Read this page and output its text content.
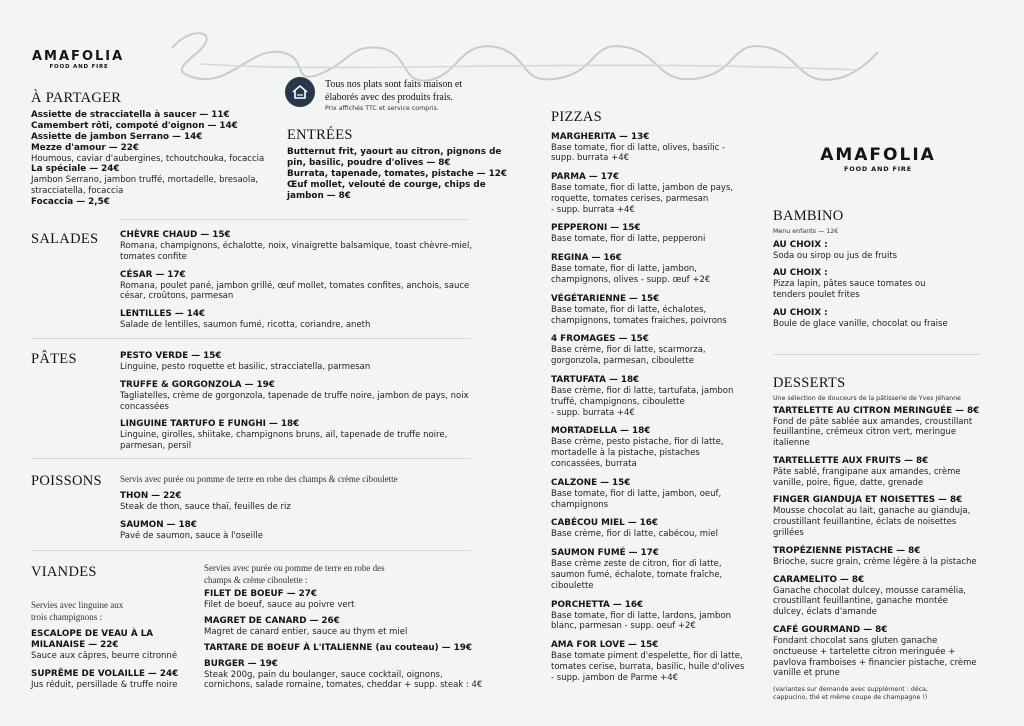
AMAFOLIA
FOOD AND FIRE
Tous nos plats sont faits maison et
élaborés avec des produits frais.
Prix affichés TTC et service compris.
À PARTAGER
Assiette de stracciatella à saucer — 11€
Camembert rôti, compoté d'oignon — 14€
Assiette de jambon Serrano — 14€
Mezze d'amour — 22€
Houmous, caviar d'aubergines, tchoutchouka, focaccia
La spéciale — 24€
Jambon Serrano, jambon truffé, mortadelle, bresaola,
stracciatella, focaccia
Focaccia — 2,5€
ENTRÉES
Butternut frit, yaourt au citron, pignons de
pin, basilic, poudre d'olives — 8€
Burrata, tapenade, tomates, pistache — 12€
Œuf mollet, velouté de courge, chips de
jambon — 8€
SALADES CHÈVRE CHAUD — 15€
Romana, champignons, échalotte, noix, vinaigrette balsamique, toast chèvre-miel,
tomates confite
CÉSAR — 17€
Romana, poulet pané, jambon grillé, œuf mollet, tomates confites, anchois, sauce
césar, croûtons, parmesan
LENTILLES — 14€
Salade de lentilles, saumon fumé, ricotta, coriandre, aneth
PÂTES	PESTO VERDE — 15€
Linguine, pesto roquette et basilic, stracciatella, parmesan
TRUFFE & GORGONZOLA — 19€
Tagliatelles, crème de gorgonzola, tapenade de truffe noire, jambon de pays, noix
concassées
LINGUINE TARTUFO E FUNGHI — 18€
Linguine, girolles, shiitake, champignons bruns, ail, tapenade de truffe noire,
parmesan, persil
POISSONS Servis avec purée ou pomme de terre en robe des champs & crème ciboulette
THON — 22€
Steak de thon, sauce thaï, feuilles de riz
SAUMON — 18€
Pavé de saumon, sauce à l'oseille
VIANDES
Servies avec linguine aux
trois champignons :
ESCALOPE DE VEAU À LA
MILANAISE — 22€
Sauce aux câpres, beurre citronné
SUPRÊME DE VOLAILLE — 24€
Jus réduit, persillade & truffe noire
Servies avec purée ou pomme de terre en robe des
champs & crème ciboulette :
FILET DE BOEUF — 27€
Filet de boeuf, sauce au poivre vert
MAGRET DE CANARD — 26€
Magret de canard entier, sauce au thym et miel
TARTARE DE BOEUF À L'ITALIENNE (au couteau) — 19€
BURGER — 19€
Steak 200g, pain du boulanger, sauce cocktail, oignons,
cornichons, salade romaine, tomates, cheddar + supp. steak : 4€
PIZZAS
MARGHERITA — 13€
Base tomate, fior di latte, olives, basilic -
supp. burrata +4€
PARMA — 17€
Base tomate, fior di latte, jambon de pays,
roquette, tomates cerises, parmesan
- supp. burrata +4€
PEPPERONI — 15€
Base tomate, fior di latte, pepperoni
REGINA — 16€
Base tomate, fior di latte, jambon,
champignons, olives - supp. œuf +2€
VÉGÉTARIENNE — 15€
Base tomate, fior di latte, échalotes,
champignons, tomates fraiches, poivrons
4 FROMAGES — 15€
Base crème, fior di latte, scarmorza,
gorgonzola, parmesan, ciboulette
TARTUFATA — 18€
Base crème, fior di latte, tartufata, jambon
truffé, champignons, ciboulette
- supp. burrata +4€
MORTADELLA — 18€
Base crème, pesto pistache, fior di latte,
mortadelle à la pistache, pistaches
concassées, burrata
CALZONE — 15€
Base tomate, fior di latte, jambon, oeuf,
champignons
CABÉCOU MIEL — 16€
Base crème, fior di latte, cabécou, miel
SAUMON FUMÉ — 17€
Base crème zeste de citron, fior di latte,
saumon fumé, échalote, tomate fraîche,
ciboulette
PORCHETTA — 16€
Base tomate, fior di latte, lardons, jambon
blanc, parmesan - supp. oeuf +2€
AMA FOR LOVE — 15€
Base tomate piment d'espelette, fior di latte,
tomates cerise, burrata, basilic, huile d'olives
- supp. jambon de Parme +4€
AMAFOLIA
FOOD AND FIRE
BAMBINO
Menu enfants — 12€
AU CHOIX :
Soda ou sirop ou jus de fruits
AU CHOIX :
Pizza lapin, pâtes sauce tomates ou
tenders poulet frites
AU CHOIX :
Boule de glace vanille, chocolat ou fraise
DESSERTS
Une sélection de douceurs de la pâtisserie de Yves Jéhanne
TARTELETTE AU CITRON MERINGUÉE — 8€
Fond de pâte sablée aux amandes, croustillant
feuillantine, crémeux citron vert, meringue
italienne
TARTELLETTE AUX FRUITS — 8€
Pâte sablé, frangipane aux amandes, crème
vanille, poire, figue, datte, grenade
FINGER GIANDUJA ET NOISETTES — 8€
Mousse chocolat au lait, ganache au gianduja,
croustillant feuillantine, éclats de noisettes
grillées
TROPÉZIENNE PISTACHE — 8€
Brioche, sucre grain, crème légère à la pistache
CARAMELITO — 8€
Ganache chocolat dulcey, mousse caramélia,
croustillant feuillantine, ganache montée
dulcey, éclats d'amande
CAFÉ GOURMAND — 8€
Fondant chocolat sans gluten ganache
onctueuse + tartelette citron meringuée +
pavlova framboises + financier pistache, crème
vanille et prune
(variantes sur demande avec supplément : déca,
cappucino, thé et même coupe de champagne !)
